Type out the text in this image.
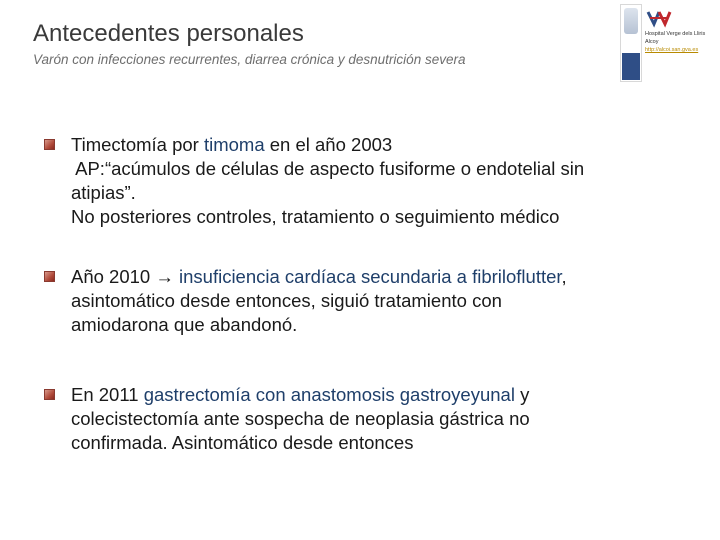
Antecedentes personales
Varón con infecciones recurrentes, diarrea crónica y desnutrición severa
Hospital Verge dels Lliris
Alcoy
http://alcoi.san.gva.es
Timectomía por timoma en el año 2003
AP:“acúmulos de células de aspecto fusiforme o endotelial sin
atipias”.
No posteriores controles, tratamiento o seguimiento médico
Año 2010 → insuficiencia cardíaca secundaria a fibriloflutter,
asintomático desde entonces, siguió tratamiento con
amiodarona que abandonó.
En 2011 gastrectomía con anastomosis gastroyeyunal y
colecistectomía ante sospecha de neoplasia gástrica no
confirmada. Asintomático desde entonces
